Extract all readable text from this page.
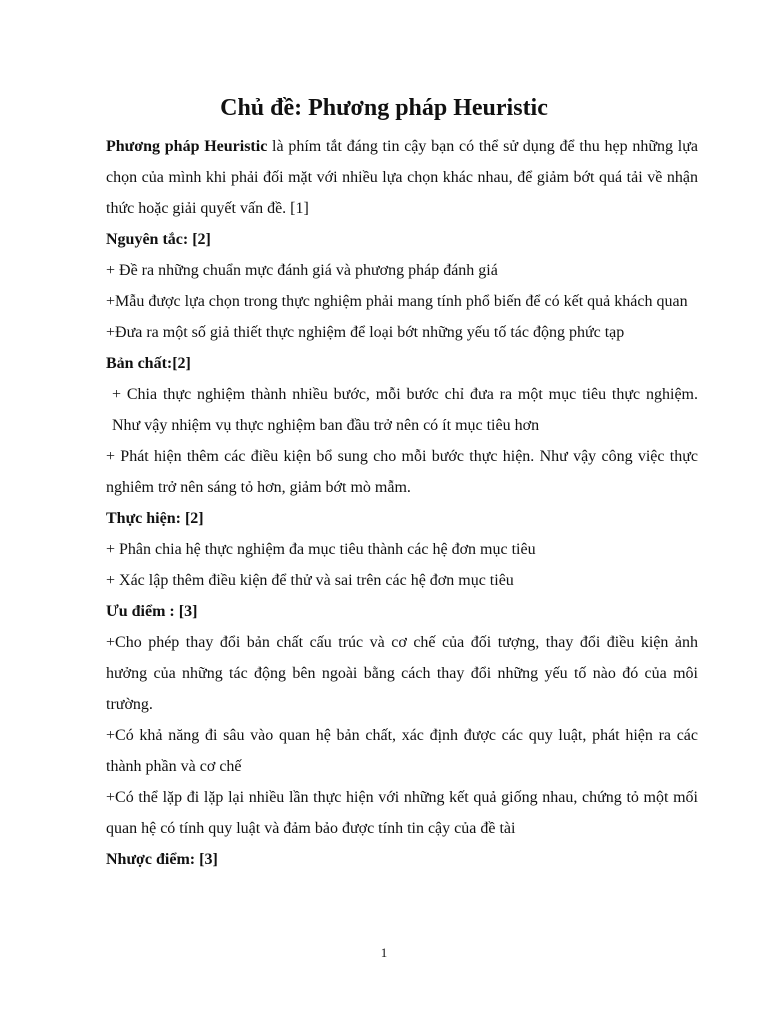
Chủ đề: Phương pháp Heuristic

Phương pháp Heuristic là phím tắt đáng tin cậy bạn có thể sử dụng để thu hẹp những lựa chọn của mình khi phải đối mặt với nhiều lựa chọn khác nhau, để giảm bớt quá tải về nhận thức hoặc giải quyết vấn đề. [1]

Nguyên tắc: [2]

+ Đề ra những chuẩn mực đánh giá và phương pháp đánh giá

+Mẫu được lựa chọn trong thực nghiệm phải mang tính phổ biến để có kết quả khách quan

+Đưa ra một số giả thiết thực nghiệm để loại bớt những yếu tố tác động phức tạp

Bản chất:[2]

+ Chia thực nghiệm thành nhiều bước, mỗi bước chỉ đưa ra một mục tiêu thực nghiệm. Như vậy nhiệm vụ thực nghiệm ban đầu trở nên có ít mục tiêu hơn

+ Phát hiện thêm các điều kiện bổ sung cho mỗi bước thực hiện. Như vậy công việc thực nghiêm trở nên sáng tỏ hơn, giảm bớt mò mẫm.

Thực hiện: [2]

+ Phân chia hệ thực nghiệm đa mục tiêu thành các hệ đơn mục tiêu

+ Xác lập thêm điều kiện để thử và sai trên các hệ đơn mục tiêu

Ưu điểm : [3]

+Cho phép thay đổi bản chất cấu trúc và cơ chế của đối tượng, thay đổi điều kiện ảnh hưởng của những tác động bên ngoài bằng cách thay đổi những yếu tố nào đó của môi trường.

+Có khả năng đi sâu vào quan hệ bản chất, xác định được các quy luật, phát hiện ra các thành phần và cơ chế

+Có thể lặp đi lặp lại nhiều lần thực hiện với những kết quả giống nhau, chứng tỏ một mối quan hệ có tính quy luật và đảm bảo được tính tin cậy của đề tài

Nhược điểm: [3]

1
